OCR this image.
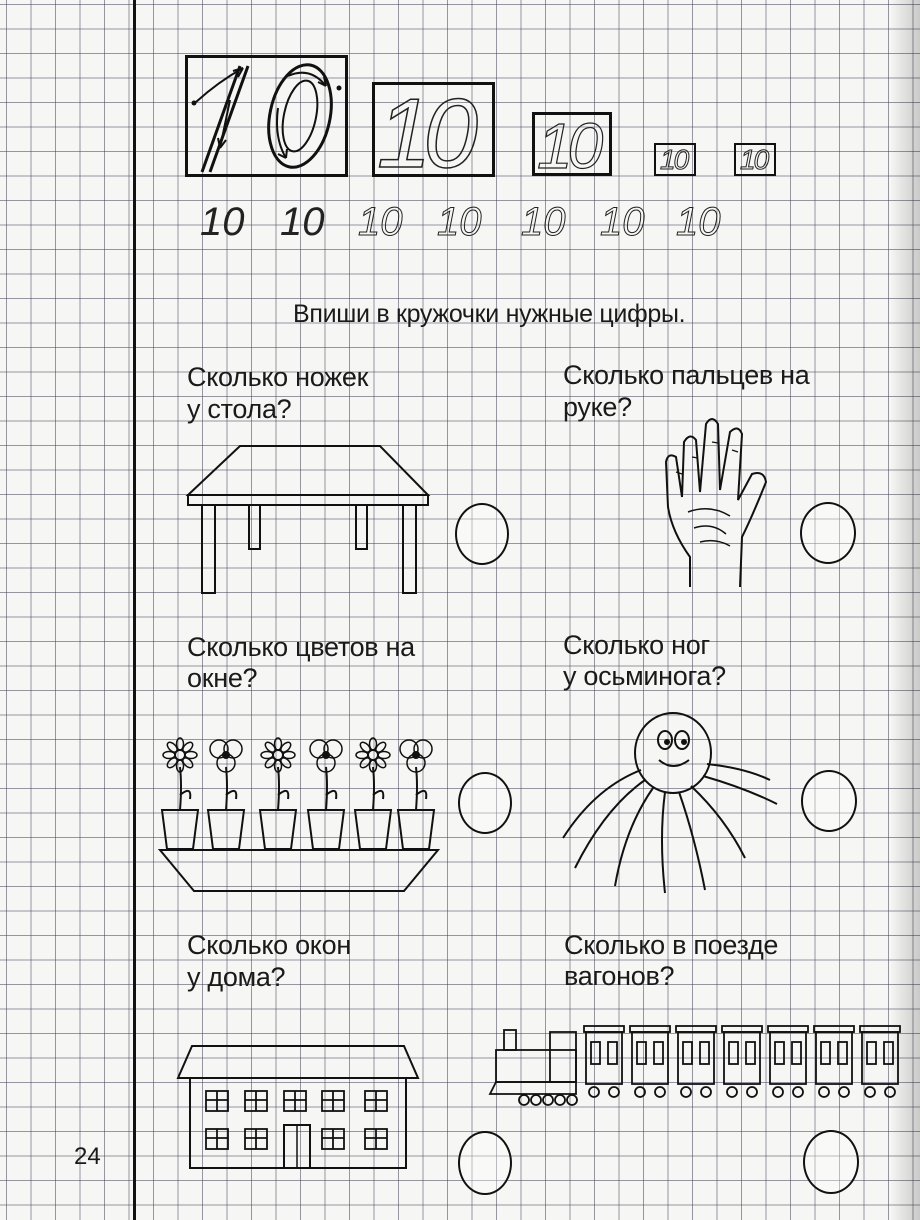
10 10 10 10
10 10 10 10 10 10 10
Впиши в кружочки нужные цифры.
Сколько ножек
у стола?
Сколько пальцев на
руке?
Сколько цветов на
окне?
Сколько ног
у осьминога?
Сколько окон
у дома?
Сколько в поезде
вагонов?
24
